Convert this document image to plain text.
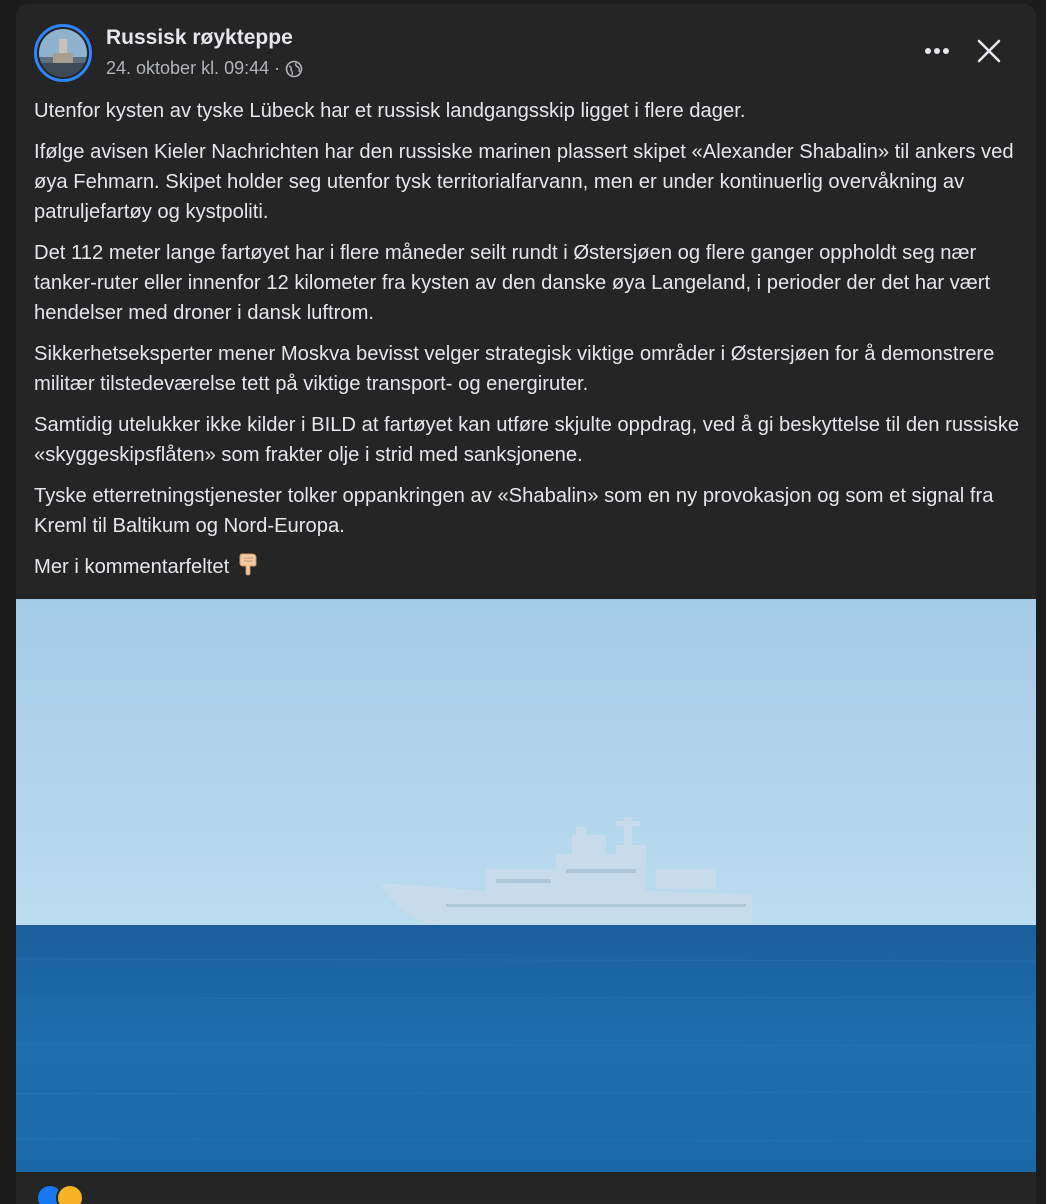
Russisk røykteppe
24. oktober kl. 09:44 ·

Utenfor kysten av tyske Lübeck har et russisk landgangsskip ligget i flere dager.

Ifølge avisen Kieler Nachrichten har den russiske marinen plassert skipet «Alexander Shabalin» til ankers ved øya Fehmarn. Skipet holder seg utenfor tysk territorialfarvann, men er under kontinuerlig overvåkning av patruljefartøy og kystpoliti.

Det 112 meter lange fartøyet har i flere måneder seilt rundt i Østersjøen og flere ganger oppholdt seg nær tanker-ruter eller innenfor 12 kilometer fra kysten av den danske øya Langeland, i perioder der det har vært hendelser med droner i dansk luftrom.

Sikkerhetseksperter mener Moskva bevisst velger strategisk viktige områder i Østersjøen for å demonstrere militær tilstedeværelse tett på viktige transport- og energiruter.

Samtidig utelukker ikke kilder i BILD at fartøyet kan utføre skjulte oppdrag, ved å gi beskyttelse til den russiske «skyggeskipsflåten» som frakter olje i strid med sanksjonene.

Tyske etterretningstjenester tolker oppankringen av «Shabalin» som en ny provokasjon og som et signal fra Kreml til Baltikum og Nord-Europa.

Mer i kommentarfeltet
